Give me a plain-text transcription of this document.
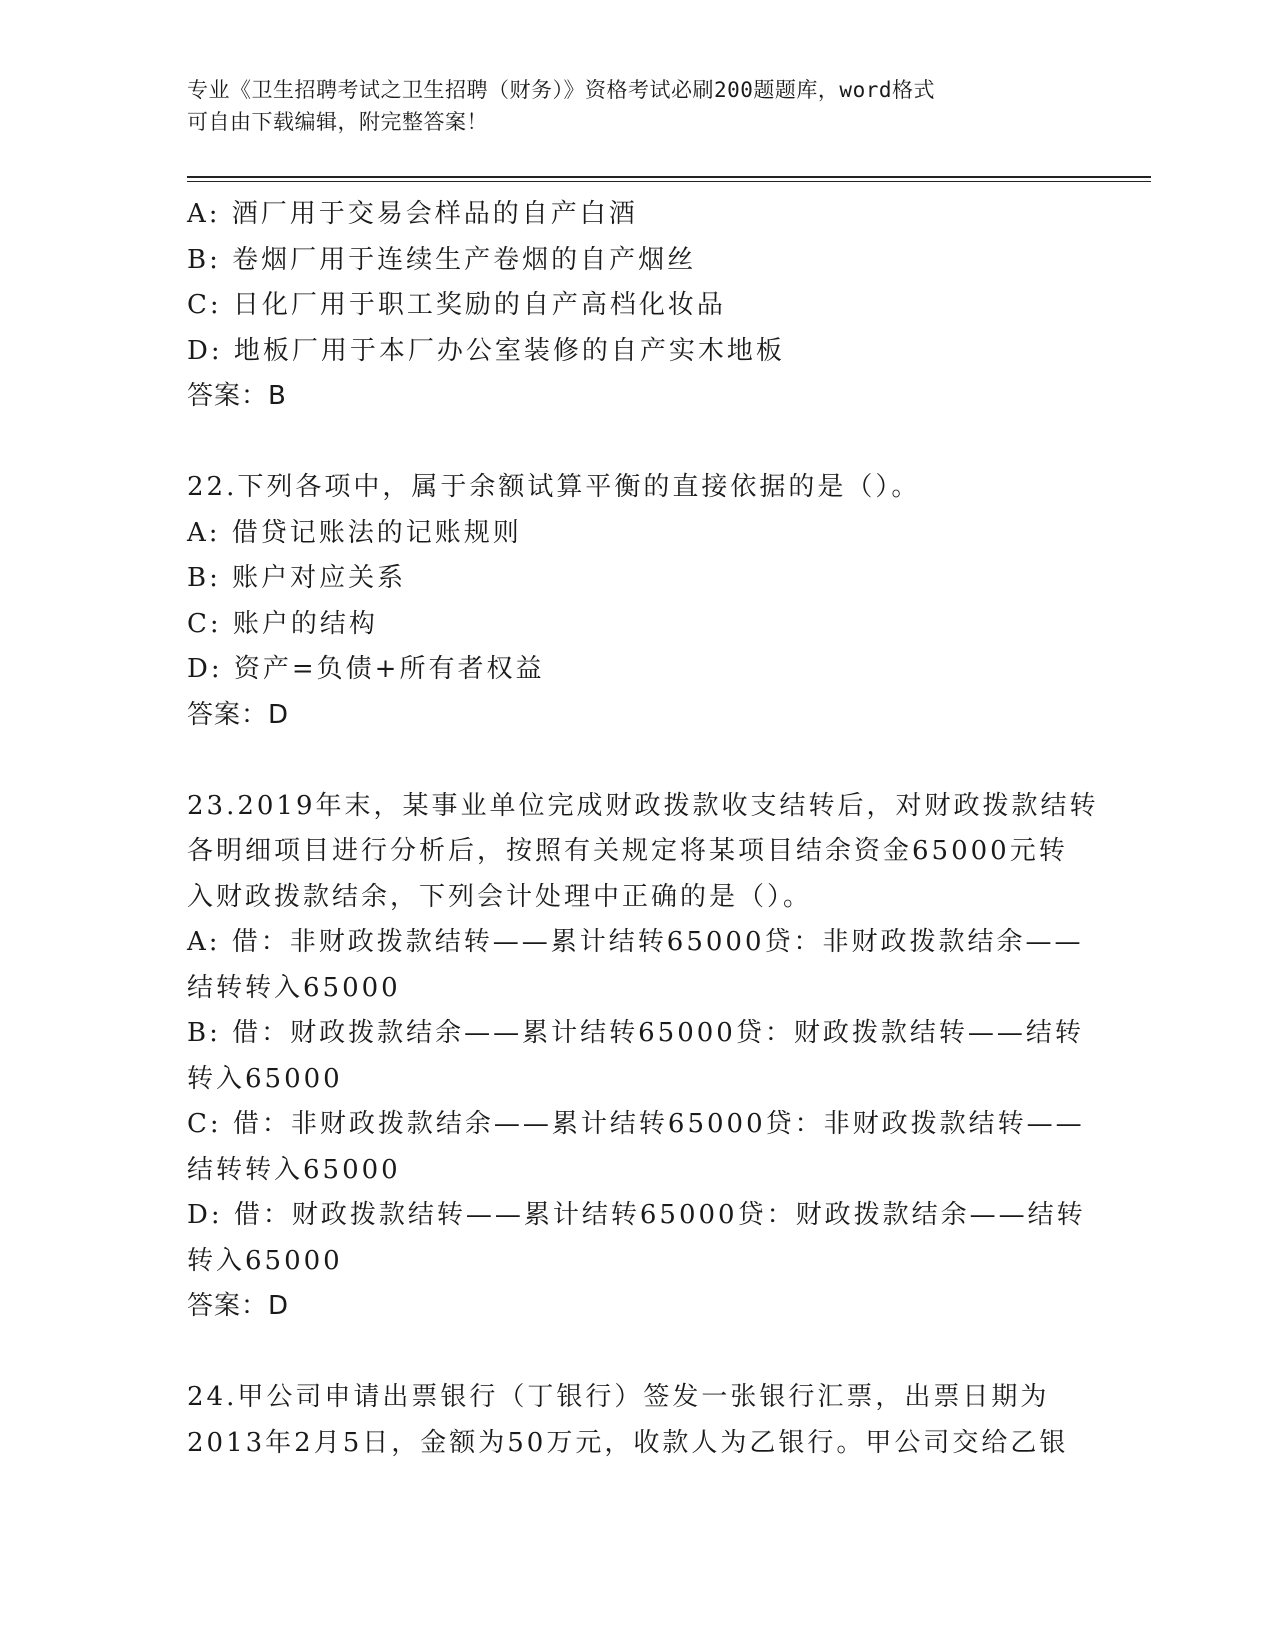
专业《卫生招聘考试之卫生招聘（财务）》资格考试必刷200题题库，word格式
可自由下载编辑，附完整答案！
A: 酒厂用于交易会样品的自产白酒
B: 卷烟厂用于连续生产卷烟的自产烟丝
C: 日化厂用于职工奖励的自产高档化妆品
D: 地板厂用于本厂办公室装修的自产实木地板
答案：B
22.下列各项中，属于余额试算平衡的直接依据的是（）。
A: 借贷记账法的记账规则
B: 账户对应关系
C: 账户的结构
D: 资产=负债+所有者权益
答案：D
23.2019年末，某事业单位完成财政拨款收支结转后，对财政拨款结转
各明细项目进行分析后，按照有关规定将某项目结余资金65000元转
入财政拨款结余，下列会计处理中正确的是（）。
A: 借：非财政拨款结转——累计结转65000贷：非财政拨款结余——
结转转入65000
B: 借：财政拨款结余——累计结转65000贷：财政拨款结转——结转
转入65000
C: 借：非财政拨款结余——累计结转65000贷：非财政拨款结转——
结转转入65000
D: 借：财政拨款结转——累计结转65000贷：财政拨款结余——结转
转入65000
答案：D
24.甲公司申请出票银行（丁银行）签发一张银行汇票，出票日期为
2013年2月5日，金额为50万元，收款人为乙银行。甲公司交给乙银
